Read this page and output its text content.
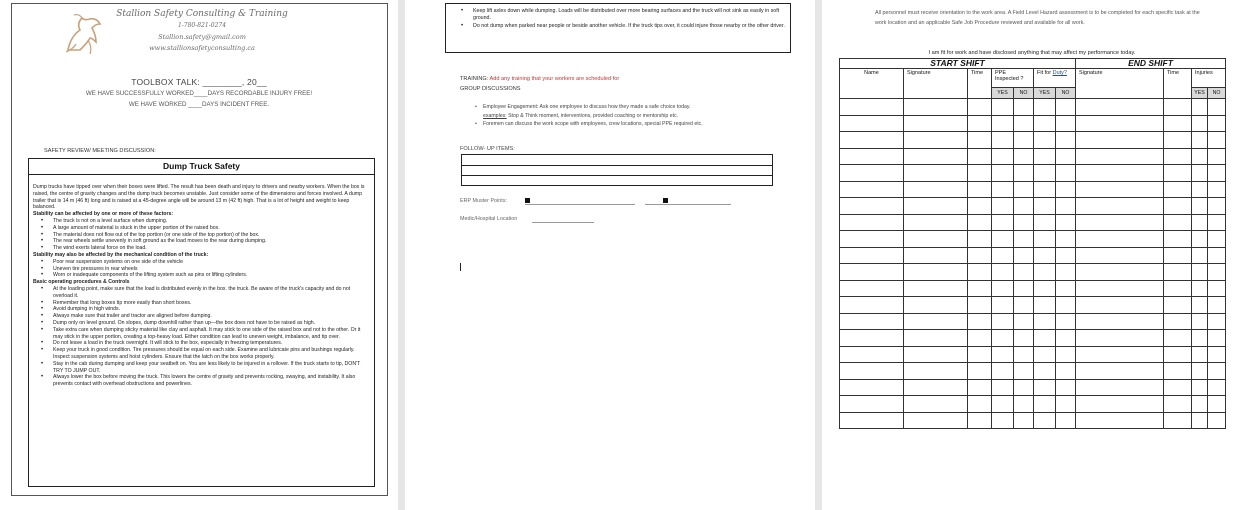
Stallion Safety Consulting & Training
1-780-821-0274
Stallion.safety@gmail.com
www.stallionsafetyconsulting.ca
TOOLBOX TALK: ________, 20__
WE HAVE SUCCESSFULLY WORKED____DAYS RECORDABLE INJURY FREE!
WE HAVE WORKED ____DAYS INCIDENT FREE.
SAFETY REVIEW/ MEETING DISCUSSION:
Dump Truck Safety

Dump trucks have tipped over when their boxes were lifted. The result has been death and injury to drivers and nearby workers. When the box is raised, the centre of gravity changes and the dump truck becomes unstable. Just consider some of the dimensions and forces involved. A dump trailer that is 14 m (46 ft) long and is raised at a 45-degree angle will be around 13 m (42 ft) high. That is a lot of height and weight to keep balanced.

Stability can be affected by one or more of these factors:

• The truck is not on a level surface when dumping.
• A large amount of material is stuck in the upper portion of the raised box.
• The material does not flow out of the top portion (or one side of the top portion) of the box.
• The rear wheels settle unevenly in soft ground as the load moves to the rear during dumping.
• The wind exerts lateral force on the load.

Stability may also be affected by the mechanical condition of the truck:

• Poor rear suspension systems on one side of the vehicle
• Uneven tire pressures in rear wheels
• Worn or inadequate components of the lifting system such as pins or lifting cylinders.

Basic operating procedures & Controls

• At the loading point, make sure that the load is distributed evenly in the box. the truck. Be aware of the truck's capacity and do not overload it.
• Remember that long boxes tip more easily than short boxes.
• Avoid dumping in high winds.
• Always make sure that trailer and tractor are aligned before dumping.
• Dump only on level ground. On slopes, dump downhill rather than up—the box does not have to be raised as high.
• Take extra care when dumping sticky material like clay and asphalt. It may stick to one side of the raised box and not to the other. Or it may stick in the upper portion, creating a top-heavy load. Either condition can lead to uneven weight, imbalance, and tip over.
• Do not leave a load in the truck overnight. It will stick to the box, especially in freezing temperatures.
• Keep your truck in good condition. Tire pressures should be equal on each side. Examine and lubricate pins and bushings regularly. Inspect suspension systems and hoist cylinders. Ensure that the latch on the box works properly.
• Stay in the cab during dumping and keep your seatbelt on. You are less likely to be injured in a rollover. If the truck starts to tip, DON'T TRY TO JUMP OUT.
• Always lower the box before moving the truck. This lowers the centre of gravity and prevents rocking, swaying, and instability. It also prevents contact with overhead obstructions and powerlines.
• Keep lift axles down while dumping. Loads will be distributed over more bearing surfaces and the truck will not sink as easily in soft ground.
• Do not dump when parked near people or beside another vehicle. If the truck tips over, it could injure those nearby or the other driver.
TRAINING: Add any training that your workers are scheduled for
GROUP DISCUSSIONS
• Employee Engagement: Ask one employee to discuss how they made a safe choice today.
examples: Stop & Think moment, interventions, provided coaching or mentorship etc.
• Foremen can discuss the work scope with employees, crew locations, special PPE required etc.
FOLLOW- UP ITEMS:
ERP Muster Points:
Medic/Hospital Location
All personnel must receive orientation to the work area. A Field Level Hazard assessment is to be completed for each specific task at the work location and an applicable Safe Job Procedure reviewed and available for all work.
I am fit for work and have disclosed anything that may affect my performance today.
START SHIFT							END SHIFT			
Name	Signature	Time	PPE Inspected ?		Fit for Duty?		Signature	Time	Injuries	
			YES	NO	YES	NO			YES	NO
